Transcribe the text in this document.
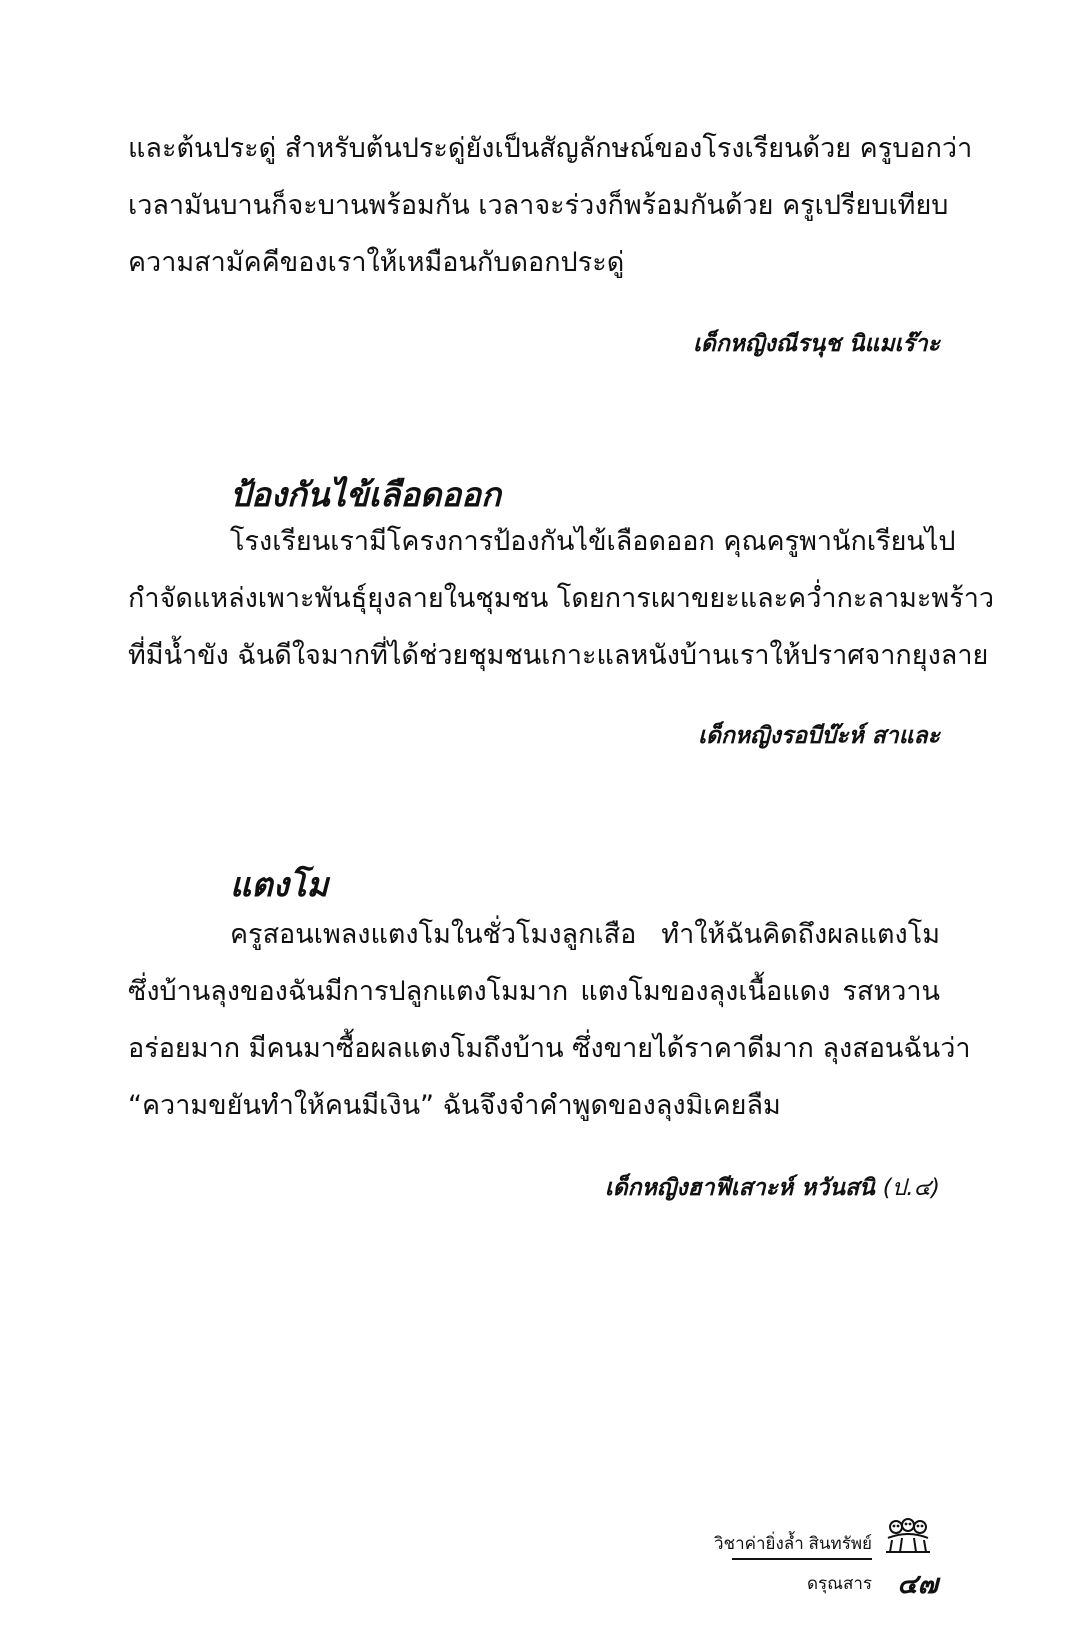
และต้นประดู่ สำหรับต้นประดู่ยังเป็นสัญลักษณ์ของโรงเรียนด้วย ครูบอกว่า
เวลามันบานก็จะบานพร้อมกัน เวลาจะร่วงก็พร้อมกันด้วย ครูเปรียบเทียบ
ความสามัคคีของเราให้เหมือนกับดอกประดู่

เด็กหญิงณีรนุช นิแมเร๊าะ

ป้องกันไข้เลือดออก
โรงเรียนเรามีโครงการป้องกันไข้เลือดออก คุณครูพานักเรียนไป
กำจัดแหล่งเพาะพันธุ์ยุงลายในชุมชน โดยการเผาขยะและคว่ำกะลามะพร้าว
ที่มีน้ำขัง ฉันดีใจมากที่ได้ช่วยชุมชนเกาะแลหนังบ้านเราให้ปราศจากยุงลาย

เด็กหญิงรอบีบ๊ะห์ สาและ

แตงโม
ครูสอนเพลงแตงโมในชั่วโมงลูกเสือ ทำให้ฉันคิดถึงผลแตงโม
ซึ่งบ้านลุงของฉันมีการปลูกแตงโมมาก แตงโมของลุงเนื้อแดง รสหวาน
อร่อยมาก มีคนมาซื้อผลแตงโมถึงบ้าน ซึ่งขายได้ราคาดีมาก ลุงสอนฉันว่า
“ความขยันทำให้คนมีเงิน” ฉันจึงจำคำพูดของลุงมิเคยลืม

เด็กหญิงฮาฟีเสาะห์ หวันสนิ (ป.๔)

วิชาค่ายิ่งล้ำ สินทรัพย์
ดรุณสาร ๔๗
